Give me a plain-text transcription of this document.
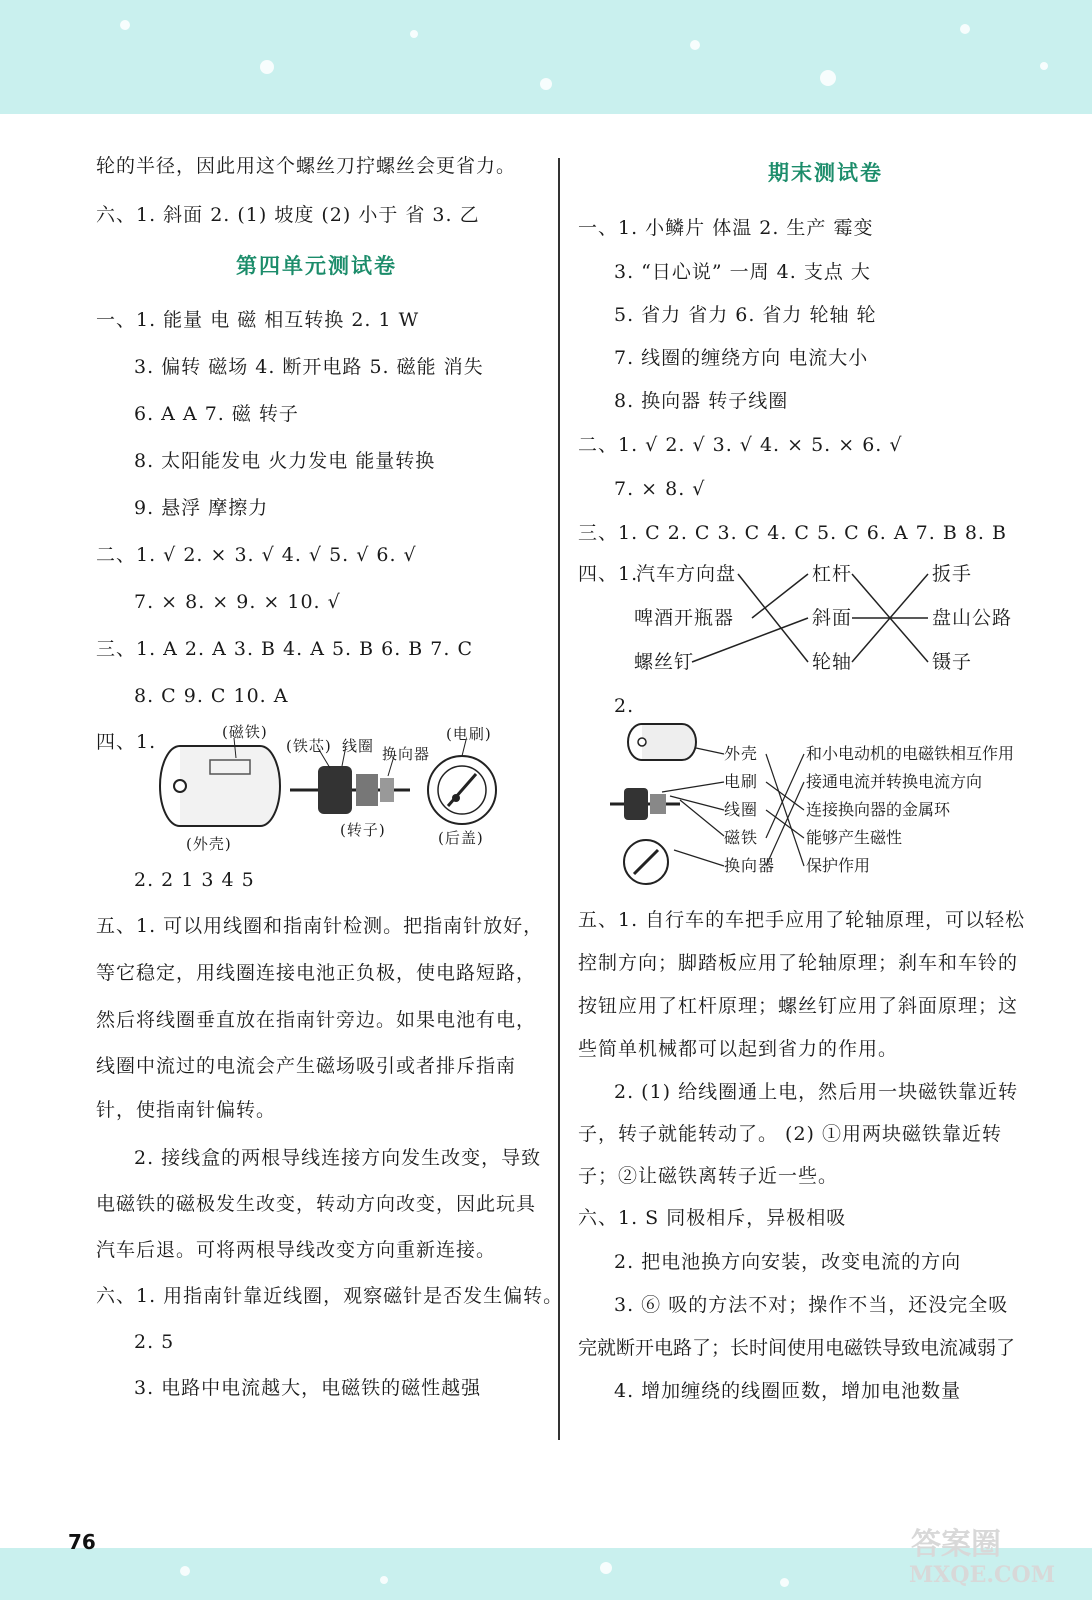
轮的半径，因此用这个螺丝刀拧螺丝会更省力。
六、1. 斜面 2. (1) 坡度 (2) 小于 省 3. 乙
第四单元测试卷
一、1. 能量 电 磁 相互转换 2. 1 W
3. 偏转 磁场 4. 断开电路 5. 磁能 消失
6. A A 7. 磁 转子
8. 太阳能发电 火力发电 能量转换
9. 悬浮 摩擦力
二、1. √ 2. × 3. √ 4. √ 5. √ 6. √
7. × 8. × 9. × 10. √
三、1. A 2. A 3. B 4. A 5. B 6. B 7. C
8. C 9. C 10. A
四、1.	(磁铁)
(铁芯) 线圈 换向器
(电刷)
(外壳)
(转子)	(后盖)
2. 2 1 3 4 5
五、1. 可以用线圈和指南针检测。把指南针放好，
等它稳定，用线圈连接电池正负极，使电路短路，
然后将线圈垂直放在指南针旁边。如果电池有电，
线圈中流过的电流会产生磁场吸引或者排斥指南
针，使指南针偏转。
2. 接线盒的两根导线连接方向发生改变，导致
电磁铁的磁极发生改变，转动方向改变，因此玩具
汽车后退。可将两根导线改变方向重新连接。
六、1. 用指南针靠近线圈，观察磁针是否发生偏转。
2. 5
3. 电路中电流越大，电磁铁的磁性越强
期末测试卷
一、1. 小鳞片 体温 2. 生产 霉变
3. “日心说” 一周 4. 支点 大
5. 省力 省力 6. 省力 轮轴 轮
7. 线圈的缠绕方向 电流大小
8. 换向器 转子线圈
二、1. √ 2. √ 3. √ 4. × 5. × 6. √
7. × 8. √
三、1. C 2. C 3. C 4. C 5. C 6. A 7. B 8. B
四、1.
汽车方向盘
啤酒开瓶器
螺丝钉
杠杆
斜面
轮轴
扳手
盘山公路
镊子
2.
外壳
电刷
线圈
磁铁
换向器
和小电动机的电磁铁相互作用
接通电流并转换电流方向
连接换向器的金属环
能够产生磁性
保护作用
五、1. 自行车的车把手应用了轮轴原理，可以轻松
控制方向；脚踏板应用了轮轴原理；刹车和车铃的
按钮应用了杠杆原理；螺丝钉应用了斜面原理；这
些简单机械都可以起到省力的作用。
2. (1) 给线圈通上电，然后用一块磁铁靠近转
子，转子就能转动了。 (2) ①用两块磁铁靠近转
子；②让磁铁离转子近一些。
六、1. S 同极相斥，异极相吸
2. 把电池换方向安装，改变电流的方向
3. ⑥ 吸的方法不对；操作不当，还没完全吸
完就断开电路了；长时间使用电磁铁导致电流减弱了
4. 增加缠绕的线圈匝数，增加电池数量
76	答案圈
MXQE.COM
